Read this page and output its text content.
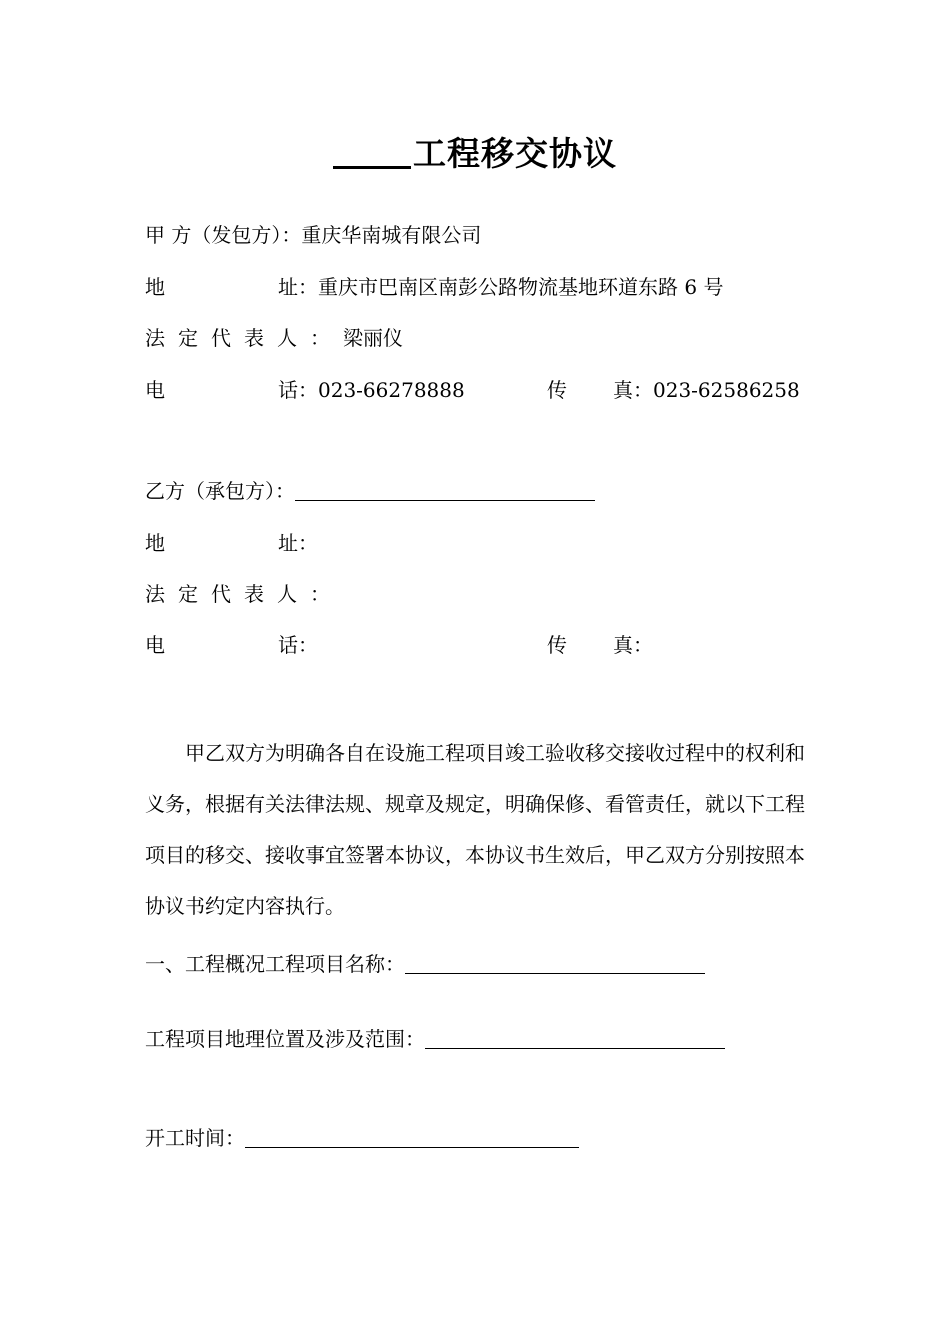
工程移交协议
甲 方（发包方）：重庆华南城有限公司
地	址：重庆市巴南区南彭公路物流基地环道东路 6 号
法定代表人：梁丽仪
电	话：023-66278888	传 真：023-62586258
乙方（承包方）：
地	址：
法定代表人：
电	话：	传 真：
甲乙双方为明确各自在设施工程项目竣工验收移交接收过程中的权利和义务，根据有关法律法规、规章及规定，明确保修、看管责任，就以下工程项目的移交、接收事宜签署本协议，本协议书生效后，甲乙双方分别按照本协议书约定内容执行。
一、工程概况工程项目名称：
工程项目地理位置及涉及范围：
开工时间：
